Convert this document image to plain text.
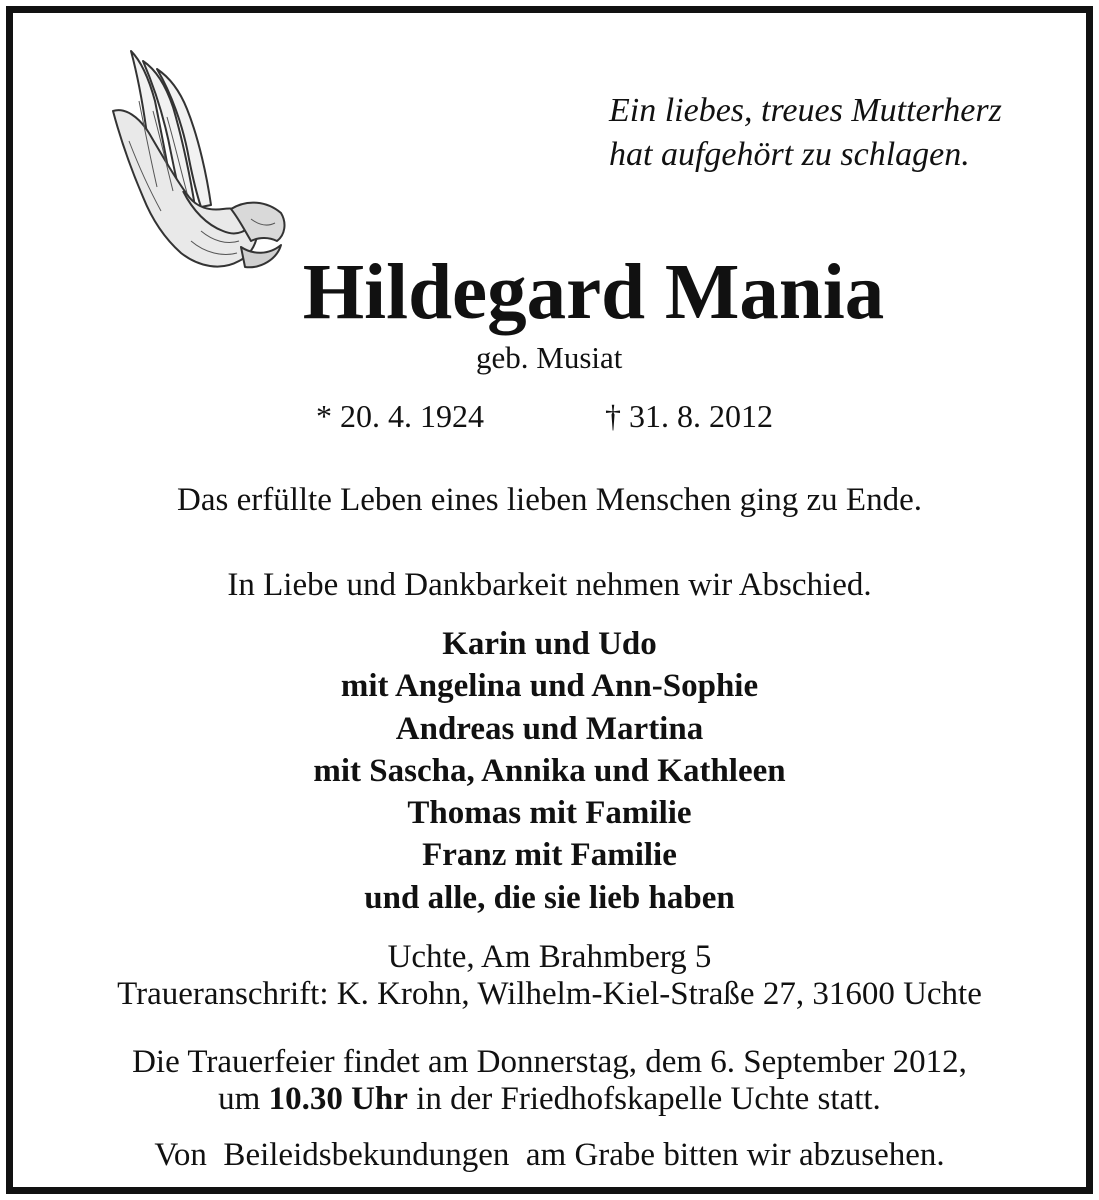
Ein liebes, treues Mutterherz
hat aufgehört zu schlagen.
Hildegard Mania
geb. Musiat
* 20. 4. 1924	† 31. 8. 2012
Das erfüllte Leben eines lieben Menschen ging zu Ende.
In Liebe und Dankbarkeit nehmen wir Abschied.
Karin und Udo
mit Angelina und Ann-Sophie
Andreas und Martina
mit Sascha, Annika und Kathleen
Thomas mit Familie
Franz mit Familie
und alle, die sie lieb haben
Uchte, Am Brahmberg 5
Traueranschrift: K. Krohn, Wilhelm-Kiel-Straße 27, 31600 Uchte
Die Trauerfeier findet am Donnerstag, dem 6. September 2012,
um 10.30 Uhr in der Friedhofskapelle Uchte statt.
Von  Beileidsbekundungen  am Grabe bitten wir abzusehen.
